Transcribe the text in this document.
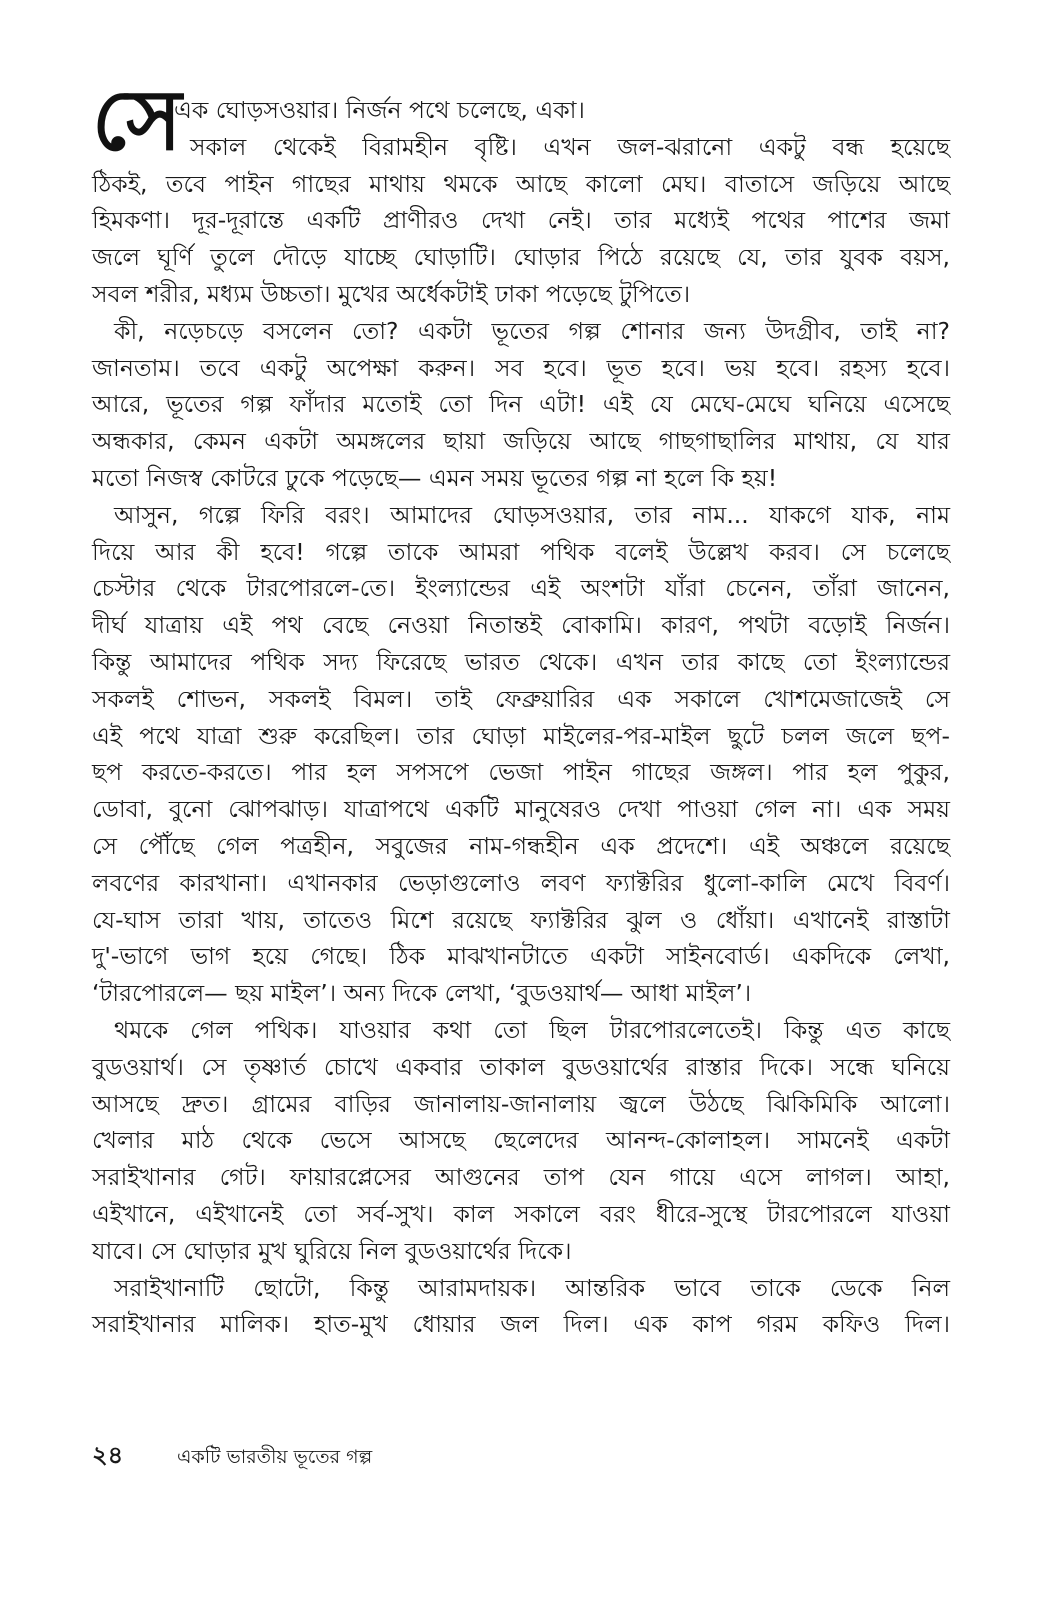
সে
এক ঘোড়সওয়ার। নির্জন পথে চলেছে, একা।
সকাল থেকেই বিরামহীন বৃষ্টি। এখন জল-ঝরানো একটু বন্ধ হয়েছে
ঠিকই, তবে পাইন গাছের মাথায় থমকে আছে কালো মেঘ। বাতাসে জড়িয়ে আছে
হিমকণা। দূর-দূরান্তে একটি প্রাণীরও দেখা নেই। তার মধ্যেই পথের পাশের জমা
জলে ঘূর্ণি তুলে দৌড়ে যাচ্ছে ঘোড়াটি। ঘোড়ার পিঠে রয়েছে যে, তার যুবক বয়স,
সবল শরীর, মধ্যম উচ্চতা। মুখের অর্ধেকটাই ঢাকা পড়েছে টুপিতে।
কী, নড়েচড়ে বসলেন তো? একটা ভূতের গল্প শোনার জন্য উদগ্রীব, তাই না?
জানতাম। তবে একটু অপেক্ষা করুন। সব হবে। ভূত হবে। ভয় হবে। রহস্য হবে।
আরে, ভূতের গল্প ফাঁদার মতোই তো দিন এটা! এই যে মেঘে-মেঘে ঘনিয়ে এসেছে
অন্ধকার, কেমন একটা অমঙ্গলের ছায়া জড়িয়ে আছে গাছগাছালির মাথায়, যে যার
মতো নিজস্ব কোটরে ঢুকে পড়েছে— এমন সময় ভূতের গল্প না হলে কি হয়!
আসুন, গল্পে ফিরি বরং। আমাদের ঘোড়সওয়ার, তার নাম... যাকগে যাক, নাম
দিয়ে আর কী হবে! গল্পে তাকে আমরা পথিক বলেই উল্লেখ করব। সে চলেছে
চেস্টার থেকে টারপোরলে-তে। ইংল্যান্ডের এই অংশটা যাঁরা চেনেন, তাঁরা জানেন,
দীর্ঘ যাত্রায় এই পথ বেছে নেওয়া নিতান্তই বোকামি। কারণ, পথটা বড়োই নির্জন।
কিন্তু আমাদের পথিক সদ্য ফিরেছে ভারত থেকে। এখন তার কাছে তো ইংল্যান্ডের
সকলই শোভন, সকলই বিমল। তাই ফেব্রুয়ারির এক সকালে খোশমেজাজেই সে
এই পথে যাত্রা শুরু করেছিল। তার ঘোড়া মাইলের-পর-মাইল ছুটে চলল জলে ছপ-
ছপ করতে-করতে। পার হল সপসপে ভেজা পাইন গাছের জঙ্গল। পার হল পুকুর,
ডোবা, বুনো ঝোপঝাড়। যাত্রাপথে একটি মানুষেরও দেখা পাওয়া গেল না। এক সময়
সে পৌঁছে গেল পত্রহীন, সবুজের নাম-গন্ধহীন এক প্রদেশে। এই অঞ্চলে রয়েছে
লবণের কারখানা। এখানকার ভেড়াগুলোও লবণ ফ্যাক্টরির ধুলো-কালি মেখে বিবর্ণ।
যে-ঘাস তারা খায়, তাতেও মিশে রয়েছে ফ্যাক্টরির ঝুল ও ধোঁয়া। এখানেই রাস্তাটা
দু'-ভাগে ভাগ হয়ে গেছে। ঠিক মাঝখানটাতে একটা সাইনবোর্ড। একদিকে লেখা,
‘টারপোরলে— ছয় মাইল’। অন্য দিকে লেখা, ‘বুডওয়ার্থ— আধা মাইল’।
থমকে গেল পথিক। যাওয়ার কথা তো ছিল টারপোরলেতেই। কিন্তু এত কাছে
বুডওয়ার্থ। সে তৃষ্ণার্ত চোখে একবার তাকাল বুডওয়ার্থের রাস্তার দিকে। সন্ধে ঘনিয়ে
আসছে দ্রুত। গ্রামের বাড়ির জানালায়-জানালায় জ্বলে উঠছে ঝিকিমিকি আলো।
খেলার মাঠ থেকে ভেসে আসছে ছেলেদের আনন্দ-কোলাহল। সামনেই একটা
সরাইখানার গেট। ফায়ারপ্লেসের আগুনের তাপ যেন গায়ে এসে লাগল। আহা,
এইখানে, এইখানেই তো সর্ব-সুখ। কাল সকালে বরং ধীরে-সুস্থে টারপোরলে যাওয়া
যাবে। সে ঘোড়ার মুখ ঘুরিয়ে নিল বুডওয়ার্থের দিকে।
সরাইখানাটি ছোটো, কিন্তু আরামদায়ক। আন্তরিক ভাবে তাকে ডেকে নিল
সরাইখানার মালিক। হাত-মুখ ধোয়ার জল দিল। এক কাপ গরম কফিও দিল।
২৪	একটি ভারতীয় ভূতের গল্প
